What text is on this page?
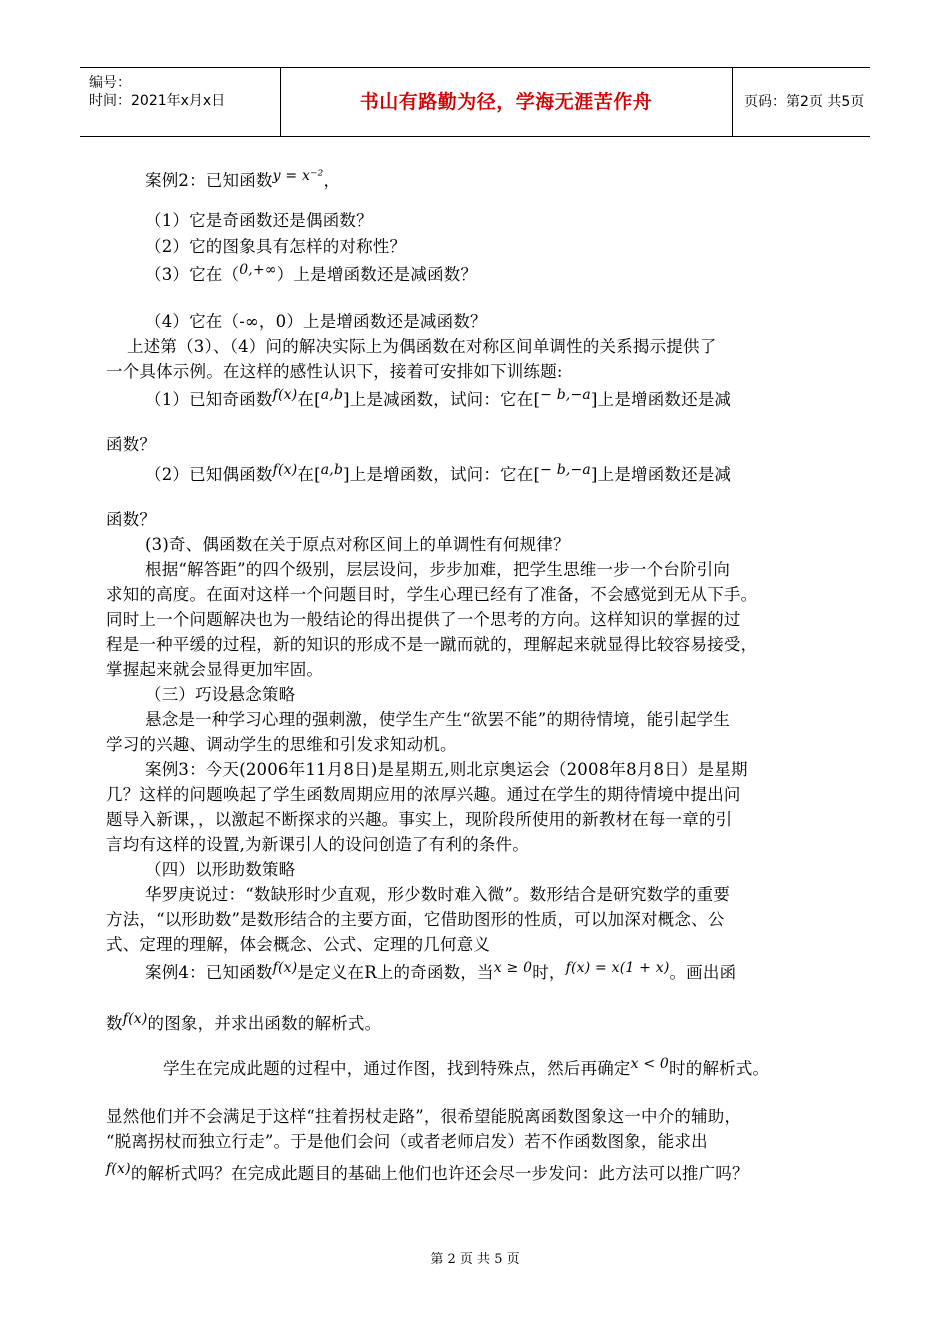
编号：
时间：2021年x月x日	书山有路勤为径，学海无涯苦作舟	页码：第2页 共5页
案例2：已知函数$^{y = x^{-2}}$，
（1）它是奇函数还是偶函数？
（2）它的图象具有怎样的对称性？
（3）它在（$^{0,+\infty}$）上是增函数还是减函数？
（4）它在（-∞，0）上是增函数还是减函数？
上述第（3）、（4）问的解决实际上为偶函数在对称区间单调性的关系揭示提供了
一个具体示例。在这样的感性认识下，接着可安排如下训练题:
（1）已知奇函数$^{f(x)}$在[$^{a,b}$]上是减函数，试问：它在[$^{- b,-a}$]上是增函数还是减
函数？
（2）已知偶函数$^{f(x)}$在[$^{a,b}$]上是增函数，试问：它在[$^{- b,-a}$]上是增函数还是减
函数？
(3)奇、偶函数在关于原点对称区间上的单调性有何规律？
根据“解答距”的四个级别，层层设问，步步加难，把学生思维一步一个台阶引向
求知的高度。在面对这样一个问题目时，学生心理已经有了准备，不会感觉到无从下手。
同时上一个问题解决也为一般结论的得出提供了一个思考的方向。这样知识的掌握的过
程是一种平缓的过程，新的知识的形成不是一蹴而就的，理解起来就显得比较容易接受，
掌握起来就会显得更加牢固。
（三）巧设悬念策略
悬念是一种学习心理的强刺激，使学生产生“欲罢不能”的期待情境，能引起学生
学习的兴趣、调动学生的思维和引发求知动机。
案例3：今天(2006年11月8日)是星期五,则北京奥运会（2008年8月8日）是星期
几？这样的问题唤起了学生函数周期应用的浓厚兴趣。通过在学生的期待情境中提出问
题导入新课，，以激起不断探求的兴趣。事实上，现阶段所使用的新教材在每一章的引
言均有这样的设置,为新课引人的设问创造了有利的条件。
（四）以形助数策略
华罗庚说过：“数缺形时少直观，形少数时难入微”。数形结合是研究数学的重要
方法，“以形助数”是数形结合的主要方面，它借助图形的性质，可以加深对概念、公
式、定理的理解，体会概念、公式、定理的几何意义
案例4：已知函数$^{f(x)}$是定义在R上的奇函数，当$^{x \ge 0}$时，$^{f(x) = x(1 + x)}$。画出函
数$^{f(x)}$的图象，并求出函数的解析式。
学生在完成此题的过程中，通过作图，找到特殊点，然后再确定$^{x < 0}$时的解析式。
显然他们并不会满足于这样“拄着拐杖走路”，很希望能脱离函数图象这一中介的辅助，
“脱离拐杖而独立行走”。于是他们会问（或者老师启发）若不作函数图象，能求出
$^{f(x)}$的解析式吗？在完成此题目的基础上他们也许还会尽一步发问：此方法可以推广吗？
第 2 页 共 5 页
